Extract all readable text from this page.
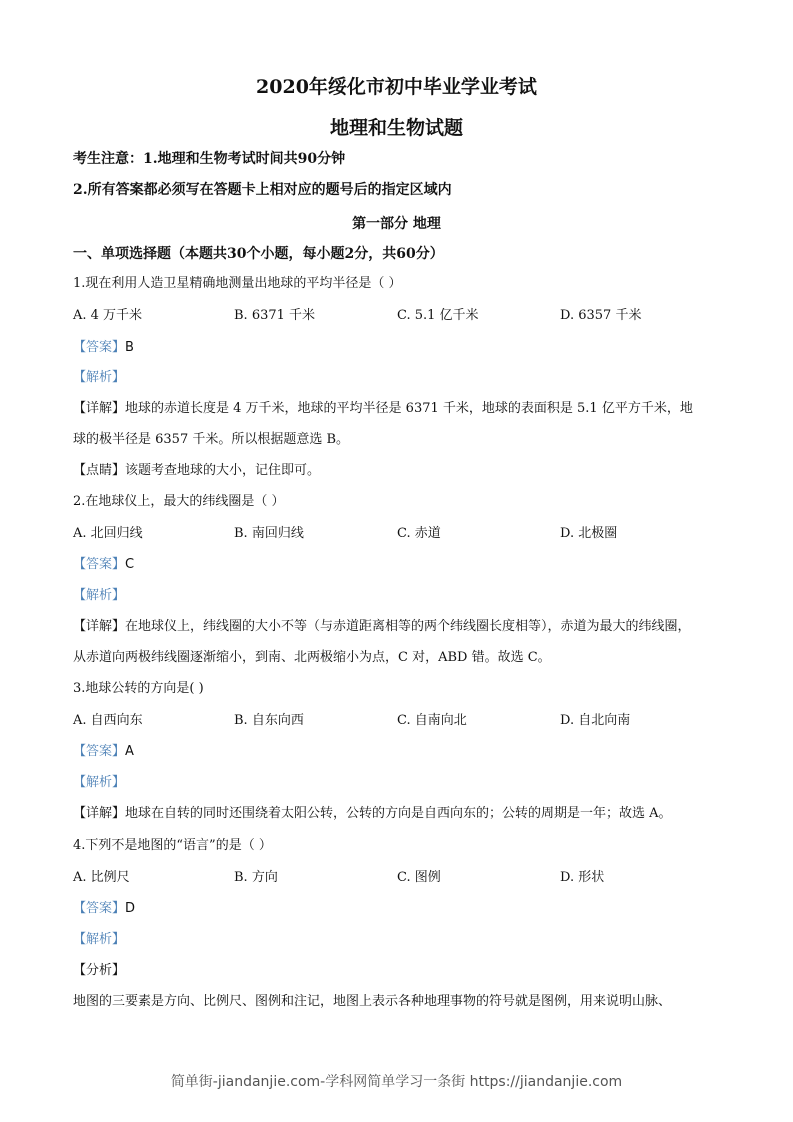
2020年绥化市初中毕业学业考试
地理和生物试题
考生注意：1.地理和生物考试时间共90分钟
2.所有答案都必须写在答题卡上相对应的题号后的指定区域内
第一部分 地理
一、单项选择题（本题共30个小题，每小题2分，共60分）
1.现在利用人造卫星精确地测量出地球的平均半径是（ ）
A. 4 万千米	B. 6371 千米	C. 5.1 亿千米	D. 6357 千米
【答案】B
【解析】
【详解】地球的赤道长度是 4 万千米，地球的平均半径是 6371 千米，地球的表面积是 5.1 亿平方千米，地
球的极半径是 6357 千米。所以根据题意选 B。
【点睛】该题考查地球的大小，记住即可。
2.在地球仪上，最大的纬线圈是（ ）
A. 北回归线	B. 南回归线	C. 赤道	D. 北极圈
【答案】C
【解析】
【详解】在地球仪上，纬线圈的大小不等（与赤道距离相等的两个纬线圈长度相等），赤道为最大的纬线圈，
从赤道向两极纬线圈逐渐缩小，到南、北两极缩小为点，C 对，ABD 错。故选 C。
3.地球公转的方向是( )
A. 自西向东	B. 自东向西	C. 自南向北	D. 自北向南
【答案】A
【解析】
【详解】地球在自转的同时还围绕着太阳公转，公转的方向是自西向东的；公转的周期是一年；故选 A。
4.下列不是地图的“语言”的是（ ）
A. 比例尺	B. 方向	C. 图例	D. 形状
【答案】D
【解析】
【分析】
地图的三要素是方向、比例尺、图例和注记，地图上表示各种地理事物的符号就是图例，用来说明山脉、
简单街-jiandanjie.com-学科网简单学习一条街 https://jiandanjie.com
